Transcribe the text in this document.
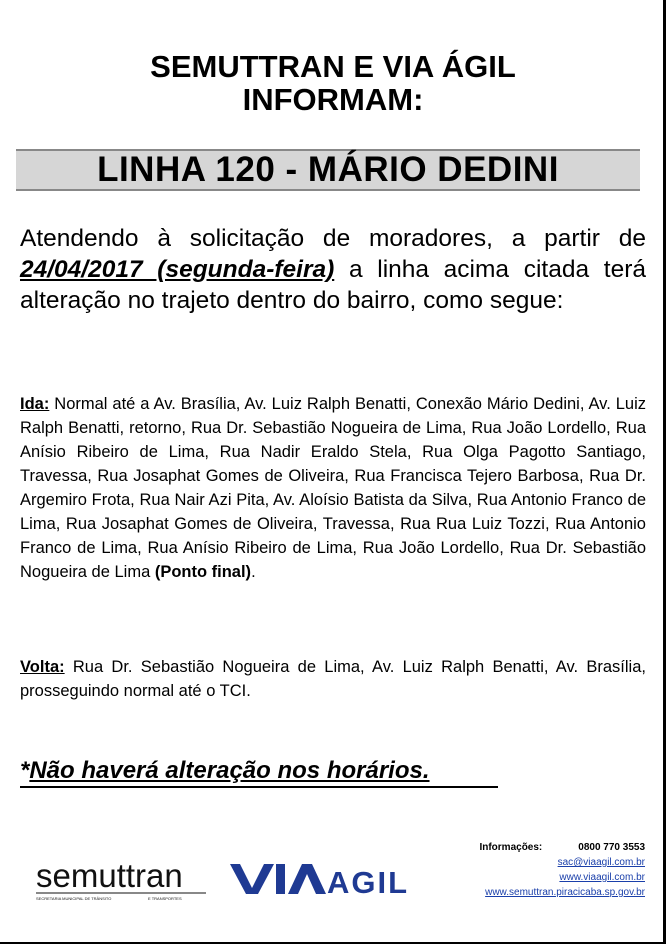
SEMUTTRAN E VIA ÁGIL
INFORMAM:
LINHA 120 - MÁRIO DEDINI
Atendendo à solicitação de moradores, a partir de 24/04/2017 (segunda-feira) a linha acima citada terá alteração no trajeto dentro do bairro, como segue:
Ida: Normal até a Av. Brasília, Av. Luiz Ralph Benatti, Conexão Mário Dedini, Av. Luiz Ralph Benatti, retorno, Rua Dr. Sebastião Nogueira de Lima, Rua João Lordello, Rua Anísio Ribeiro de Lima, Rua Nadir Eraldo Stela, Rua Olga Pagotto Santiago, Travessa, Rua Josaphat Gomes de Oliveira, Rua Francisca Tejero Barbosa, Rua Dr. Argemiro Frota, Rua Nair Azi Pita, Av. Aloísio Batista da Silva, Rua Antonio Franco de Lima, Rua Josaphat Gomes de Oliveira, Travessa, Rua Rua Luiz Tozzi, Rua Antonio Franco de Lima, Rua Anísio Ribeiro de Lima, Rua João Lordello, Rua Dr. Sebastião Nogueira de Lima (Ponto final).
Volta: Rua Dr. Sebastião Nogueira de Lima, Av. Luiz Ralph Benatti, Av. Brasília, prosseguindo normal até o TCI.
*Não haverá alteração nos horários.
Informações:	0800 770 3553
sac@viaagil.com.br
www.viaagil.com.br
www.semuttran.piracicaba.sp.gov.br
semuttran
SECRETARIA MUNICIPAL DE TRÂNSITO	E TRANSPORTES	AGIL
